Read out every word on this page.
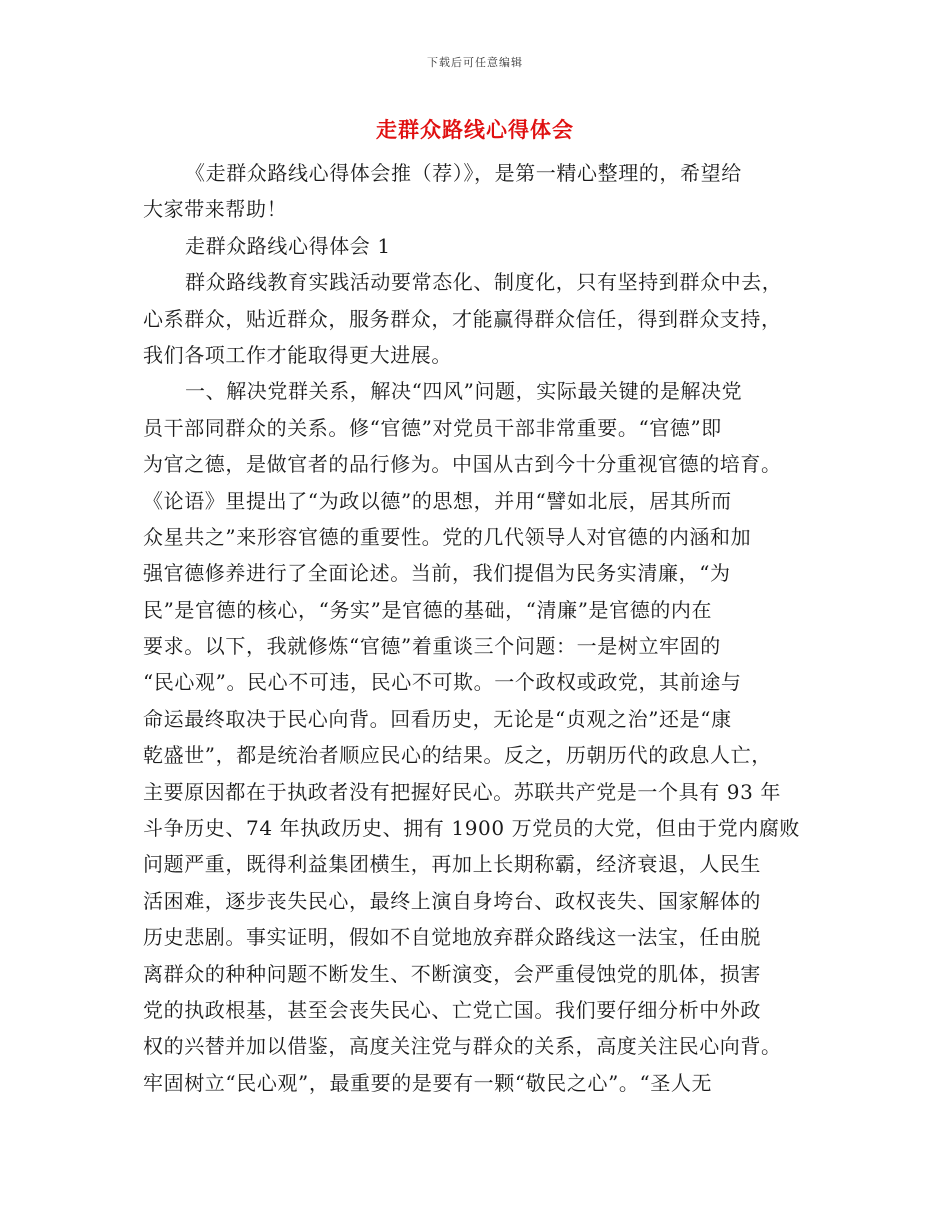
下载后可任意编辑
走群众路线心得体会
《走群众路线心得体会推（荐）》，是第一精心整理的，希望给
大家带来帮助！
走群众路线心得体会 1
群众路线教育实践活动要常态化、制度化，只有坚持到群众中去，
心系群众，贴近群众，服务群众，才能赢得群众信任，得到群众支持，
我们各项工作才能取得更大进展。
一、解决党群关系，解决“四风”问题，实际最关键的是解决党
员干部同群众的关系。修“官德”对党员干部非常重要。“官德”即
为官之德，是做官者的品行修为。中国从古到今十分重视官德的培育。
《论语》里提出了“为政以德”的思想，并用“譬如北辰，居其所而
众星共之”来形容官德的重要性。党的几代领导人对官德的内涵和加
强官德修养进行了全面论述。当前，我们提倡为民务实清廉，“为
民”是官德的核心，“务实”是官德的基础，“清廉”是官德的内在
要求。以下，我就修炼“官德”着重谈三个问题：一是树立牢固的
“民心观”。民心不可违，民心不可欺。一个政权或政党，其前途与
命运最终取决于民心向背。回看历史，无论是“贞观之治”还是“康
乾盛世”，都是统治者顺应民心的结果。反之，历朝历代的政息人亡，
主要原因都在于执政者没有把握好民心。苏联共产党是一个具有 93 年
斗争历史、74 年执政历史、拥有 1900 万党员的大党，但由于党内腐败
问题严重，既得利益集团横生，再加上长期称霸，经济衰退，人民生
活困难，逐步丧失民心，最终上演自身垮台、政权丧失、国家解体的
历史悲剧。事实证明，假如不自觉地放弃群众路线这一法宝，任由脱
离群众的种种问题不断发生、不断演变，会严重侵蚀党的肌体，损害
党的执政根基，甚至会丧失民心、亡党亡国。我们要仔细分析中外政
权的兴替并加以借鉴，高度关注党与群众的关系，高度关注民心向背。
牢固树立“民心观”，最重要的是要有一颗“敬民之心”。“圣人无
